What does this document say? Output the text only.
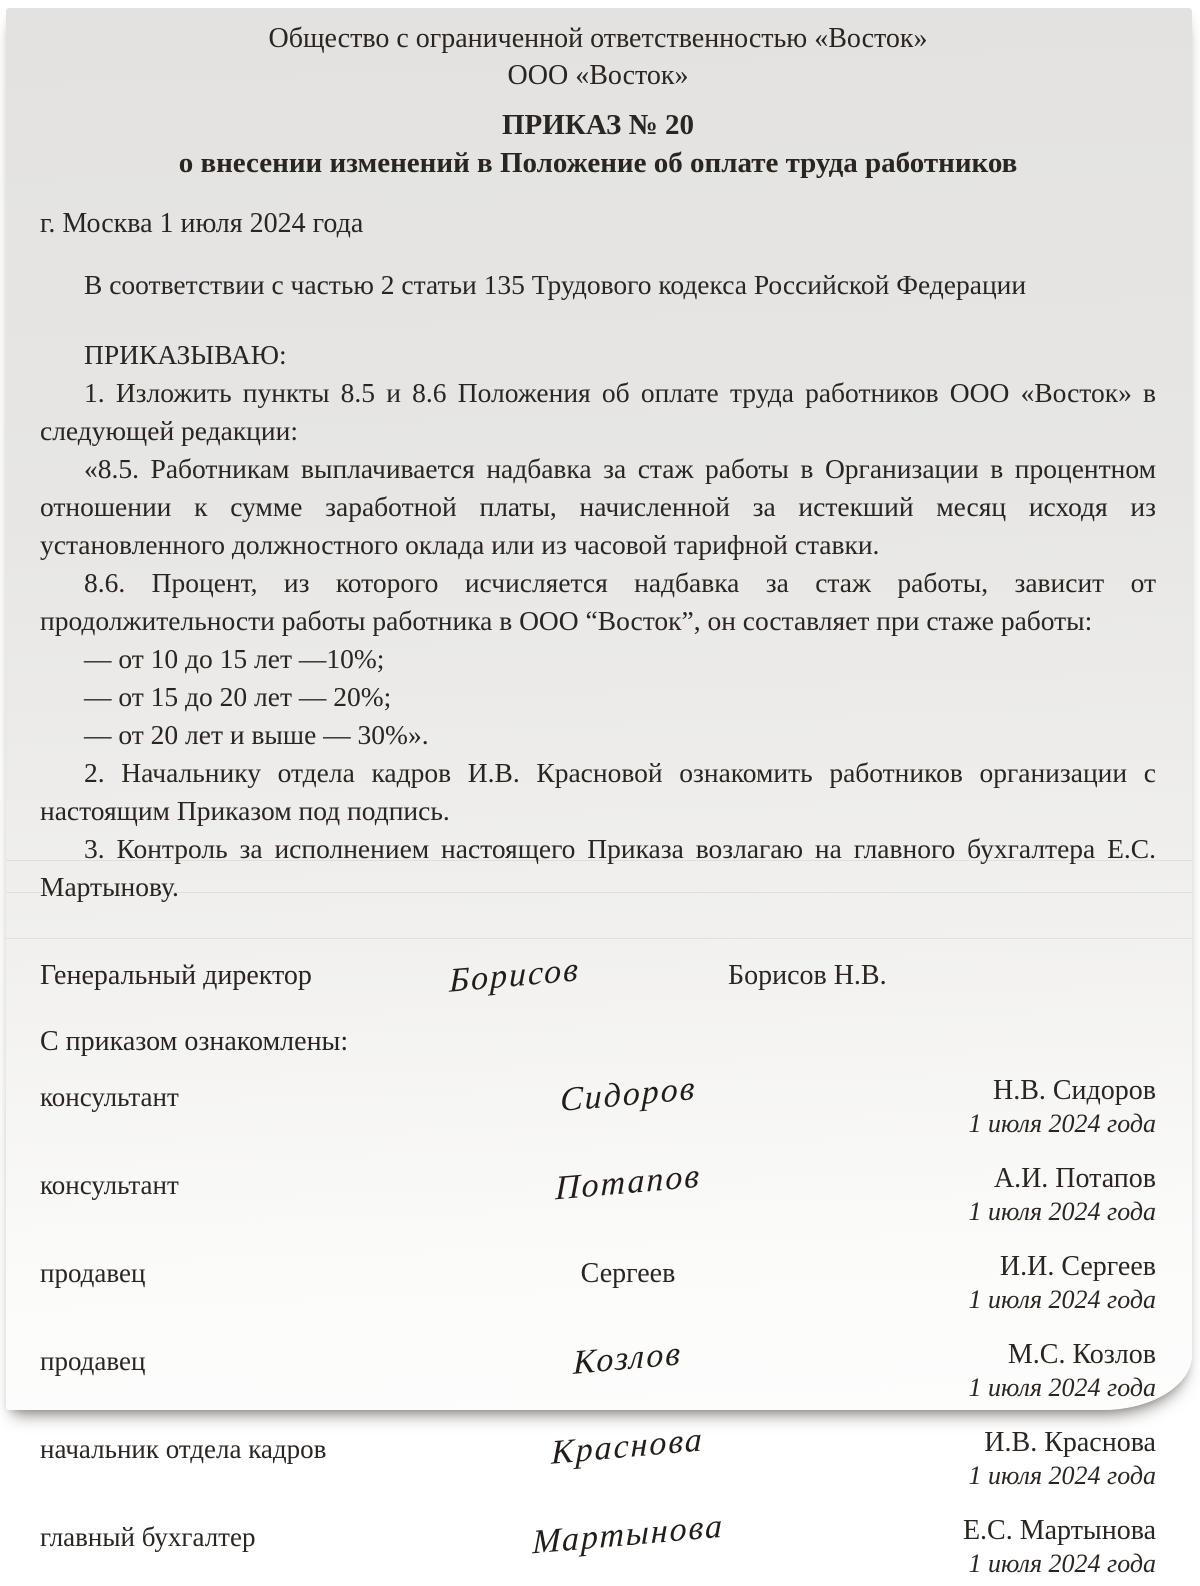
Общество с ограниченной ответственностью «Восток»
ООО «Восток»
ПРИКАЗ № 20
о внесении изменений в Положение об оплате труда работников
г. Москва 1 июля 2024 года

В соответствии с частью 2 статьи 135 Трудового кодекса Российской Федерации

ПРИКАЗЫВАЮ:

1. Изложить пункты 8.5 и 8.6 Положения об оплате труда работников ООО «Восток» в следующей редакции:

«8.5. Работникам выплачивается надбавка за стаж работы в Организации в процентном отношении к сумме заработной платы, начисленной за истекший месяц исходя из установленного должностного оклада или из часовой тарифной ставки.

8.6. Процент, из которого исчисляется надбавка за стаж работы, зависит от продолжительности работы работника в ООО “Восток”, он составляет при стаже работы:

— от 10 до 15 лет —10%;
— от 15 до 20 лет — 20%;
— от 20 лет и выше — 30%».

2. Начальнику отдела кадров И.В. Красновой ознакомить работников организации с настоящим Приказом под подпись.

3. Контроль за исполнением настоящего Приказа возлагаю на главного бухгалтера Е.С. Мартынову.

Генеральный директор	Борисов	Борисов Н.В.
С приказом ознакомлены:
консультант	Сидоров	Н.В. Сидоров
1 июля 2024 года
консультант	Потапов	А.И. Потапов
1 июля 2024 года
продавец	Сергеев	И.И. Сергеев
1 июля 2024 года
продавец	Козлов	М.С. Козлов
1 июля 2024 года
начальник отдела кадров	Краснова	И.В. Краснова
1 июля 2024 года
главный бухгалтер	Мартынова	Е.С. Мартынова
1 июля 2024 года
